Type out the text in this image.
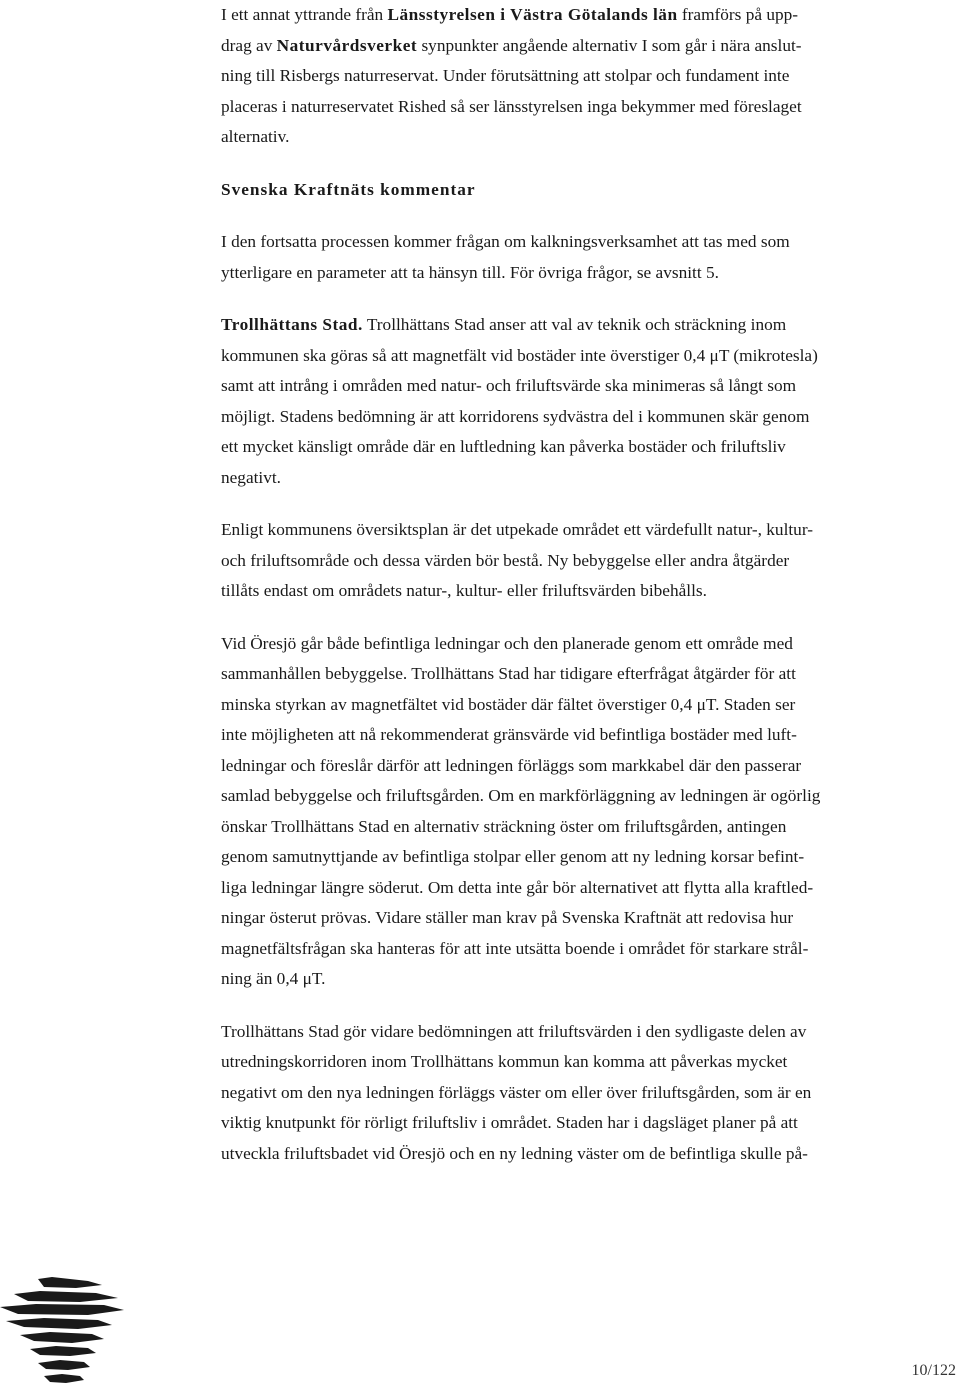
I ett annat yttrande från Länsstyrelsen i Västra Götalands län framförs på upp-
drag av Naturvårdsverket synpunkter angående alternativ I som går i nära anslut-
ning till Risbergs naturreservat. Under förutsättning att stolpar och fundament inte
placeras i naturreservatet Rished så ser länsstyrelsen inga bekymmer med föreslaget
alternativ.

Svenska Kraftnäts kommentar

I den fortsatta processen kommer frågan om kalkningsverksamhet att tas med som
ytterligare en parameter att ta hänsyn till. För övriga frågor, se avsnitt 5.

Trollhättans Stad. Trollhättans Stad anser att val av teknik och sträckning inom
kommunen ska göras så att magnetfält vid bostäder inte överstiger 0,4 μT (mikrotesla)
samt att intrång i områden med natur- och friluftsvärde ska minimeras så långt som
möjligt. Stadens bedömning är att korridorens sydvästra del i kommunen skär genom
ett mycket känsligt område där en luftledning kan påverka bostäder och friluftsliv
negativt.

Enligt kommunens översiktsplan är det utpekade området ett värdefullt natur-, kultur-
och friluftsområde och dessa värden bör bestå. Ny bebyggelse eller andra åtgärder
tillåts endast om områdets natur-, kultur- eller friluftsvärden bibehålls.

Vid Öresjö går både befintliga ledningar och den planerade genom ett område med
sammanhållen bebyggelse. Trollhättans Stad har tidigare efterfrågat åtgärder för att
minska styrkan av magnetfältet vid bostäder där fältet överstiger 0,4 μT. Staden ser
inte möjligheten att nå rekommenderat gränsvärde vid befintliga bostäder med luft-
ledningar och föreslår därför att ledningen förläggs som markkabel där den passerar
samlad bebyggelse och friluftsgården. Om en markförläggning av ledningen är ogörlig
önskar Trollhättans Stad en alternativ sträckning öster om friluftsgården, antingen
genom samutnyttjande av befintliga stolpar eller genom att ny ledning korsar befint-
liga ledningar längre söderut. Om detta inte går bör alternativet att flytta alla kraftled-
ningar österut prövas. Vidare ställer man krav på Svenska Kraftnät att redovisa hur
magnetfältsfrågan ska hanteras för att inte utsätta boende i området för starkare strål-
ning än 0,4 μT.

Trollhättans Stad gör vidare bedömningen att friluftsvärden i den sydligaste delen av
utredningskorridoren inom Trollhättans kommun kan komma att påverkas mycket
negativt om den nya ledningen förläggs väster om eller över friluftsgården, som är en
viktig knutpunkt för rörligt friluftsliv i området. Staden har i dagsläget planer på att
utveckla friluftsbadet vid Öresjö och en ny ledning väster om de befintliga skulle på-

10/122
